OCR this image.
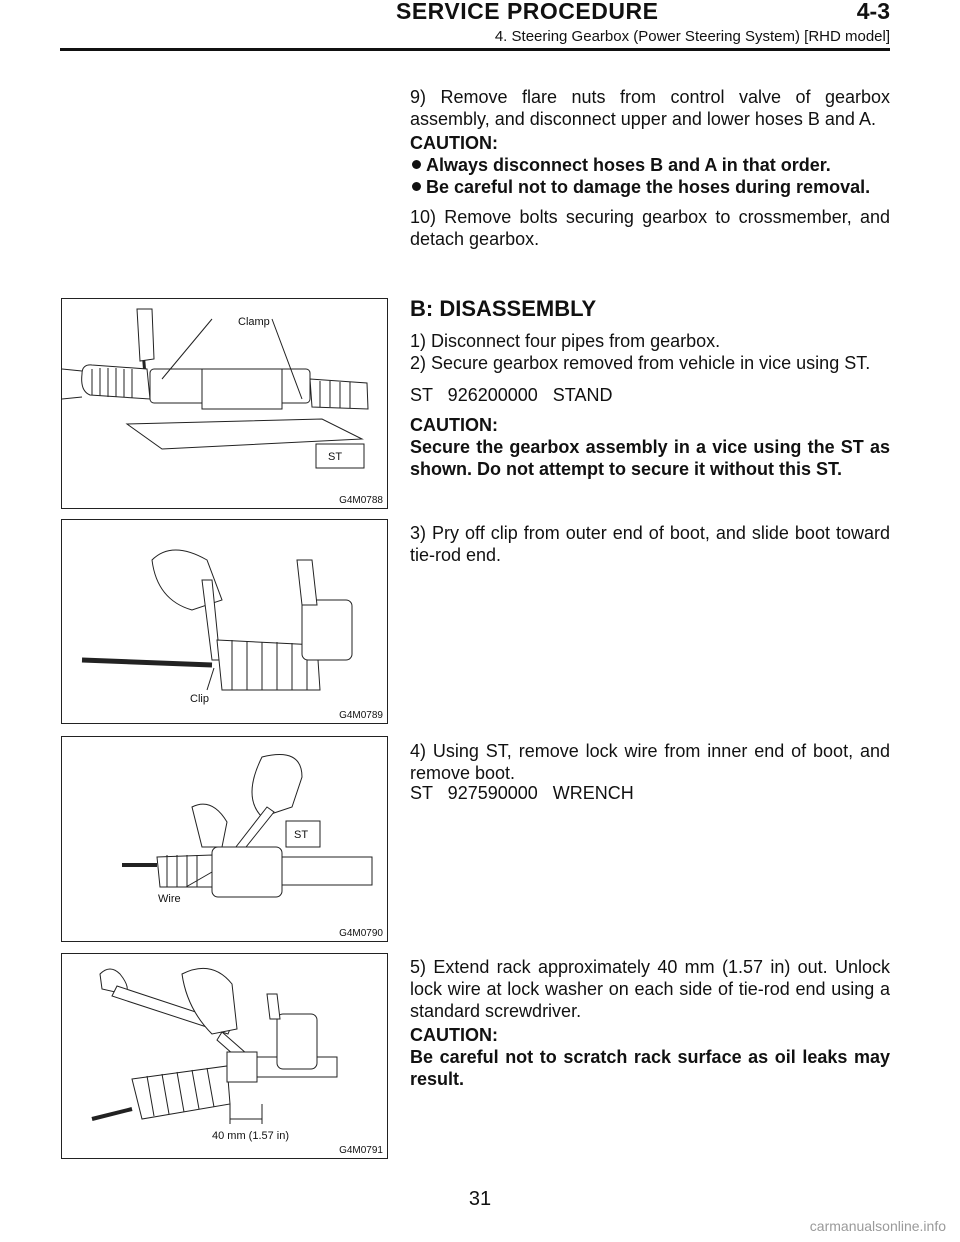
SERVICE PROCEDURE	4-3
4. Steering Gearbox (Power Steering System) [RHD model]
9) Remove flare nuts from control valve of gearbox assembly, and disconnect upper and lower hoses B and A.
CAUTION:
Always disconnect hoses B and A in that order.
Be careful not to damage the hoses during removal.
10) Remove bolts securing gearbox to crossmember, and detach gearbox.
B: DISASSEMBLY
1) Disconnect four pipes from gearbox.
2) Secure gearbox removed from vehicle in vice using ST.
ST   926200000   STAND
CAUTION:
Secure the gearbox assembly in a vice using the ST as shown. Do not attempt to secure it without this ST.
3) Pry off clip from outer end of boot, and slide boot toward tie-rod end.
4) Using ST, remove lock wire from inner end of boot, and remove boot.
ST   927590000   WRENCH
5) Extend rack approximately 40 mm (1.57 in) out. Unlock lock wire at lock washer on each side of tie-rod end using a standard screwdriver.
CAUTION:
Be careful not to scratch rack surface as oil leaks may result.
Clamp
ST
G4M0788
Clip
G4M0789
ST
Wire
G4M0790
40 mm (1.57 in)
G4M0791
31
carmanualsonline.info
